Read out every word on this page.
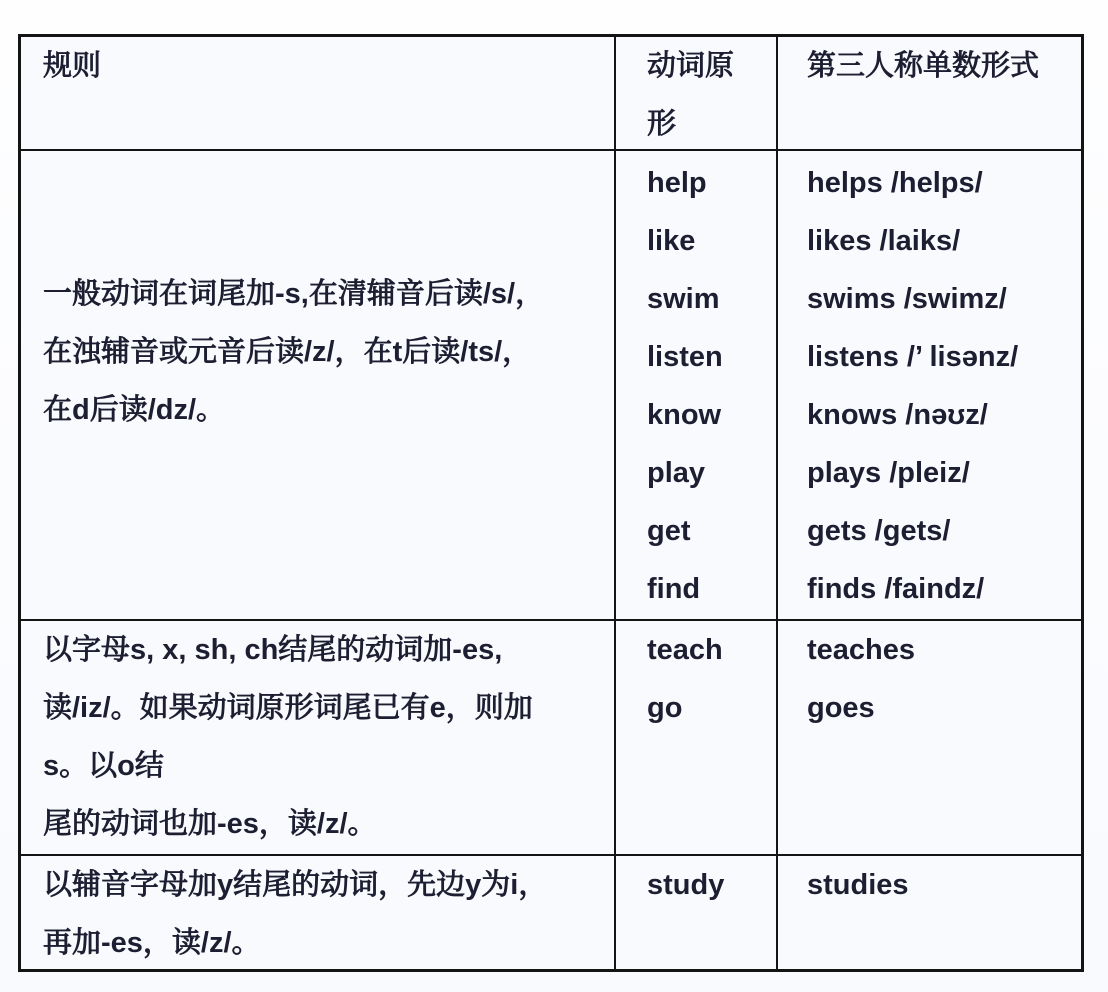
规则	动词原形
第三人称单数形式
一般动词在词尾加-s,在清辅音后读/s/，
在浊辅音或元音后读/z/，在t后读/ts/，
在d后读/dz/。
help
like
swim
listen
know
play
get
find
helps /helps/
likes /laiks/
swims /swimz/
listens /’ lisənz/
knows /nəʊz/
plays /pleiz/
gets /gets/
finds /faindz/
以字母s, x, sh, ch结尾的动词加-es,
读/iz/。如果动词原形词尾已有e，则加
s。以o结
尾的动词也加-es，读/z/。
teach
go
teaches
goes
以辅音字母加y结尾的动词，先边y为i，
再加-es，读/z/。
study	studies
